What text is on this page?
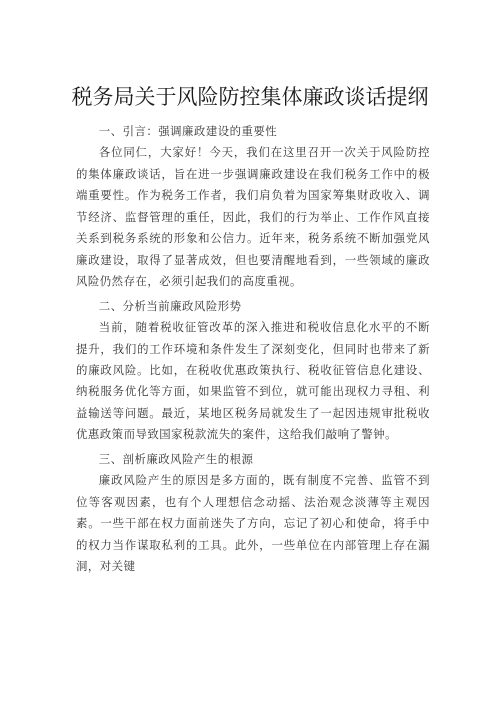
税务局关于风险防控集体廉政谈话提纲

一、引言：强调廉政建设的重要性

各位同仁，大家好！今天，我们在这里召开一次关于风险防控的集体廉政谈话，旨在进一步强调廉政建设在我们税务工作中的极端重要性。作为税务工作者，我们肩负着为国家筹集财政收入、调节经济、监督管理的重任，因此，我们的行为举止、工作作风直接关系到税务系统的形象和公信力。近年来，税务系统不断加强党风廉政建设，取得了显著成效，但也要清醒地看到，一些领域的廉政风险仍然存在，必须引起我们的高度重视。

二、分析当前廉政风险形势

当前，随着税收征管改革的深入推进和税收信息化水平的不断提升，我们的工作环境和条件发生了深刻变化，但同时也带来了新的廉政风险。比如，在税收优惠政策执行、税收征管信息化建设、纳税服务优化等方面，如果监管不到位，就可能出现权力寻租、利益输送等问题。最近，某地区税务局就发生了一起因违规审批税收优惠政策而导致国家税款流失的案件，这给我们敲响了警钟。

三、剖析廉政风险产生的根源

廉政风险产生的原因是多方面的，既有制度不完善、监管不到位等客观因素，也有个人理想信念动摇、法治观念淡薄等主观因素。一些干部在权力面前迷失了方向，忘记了初心和使命，将手中的权力当作谋取私利的工具。此外，一些单位在内部管理上存在漏洞，对关键
